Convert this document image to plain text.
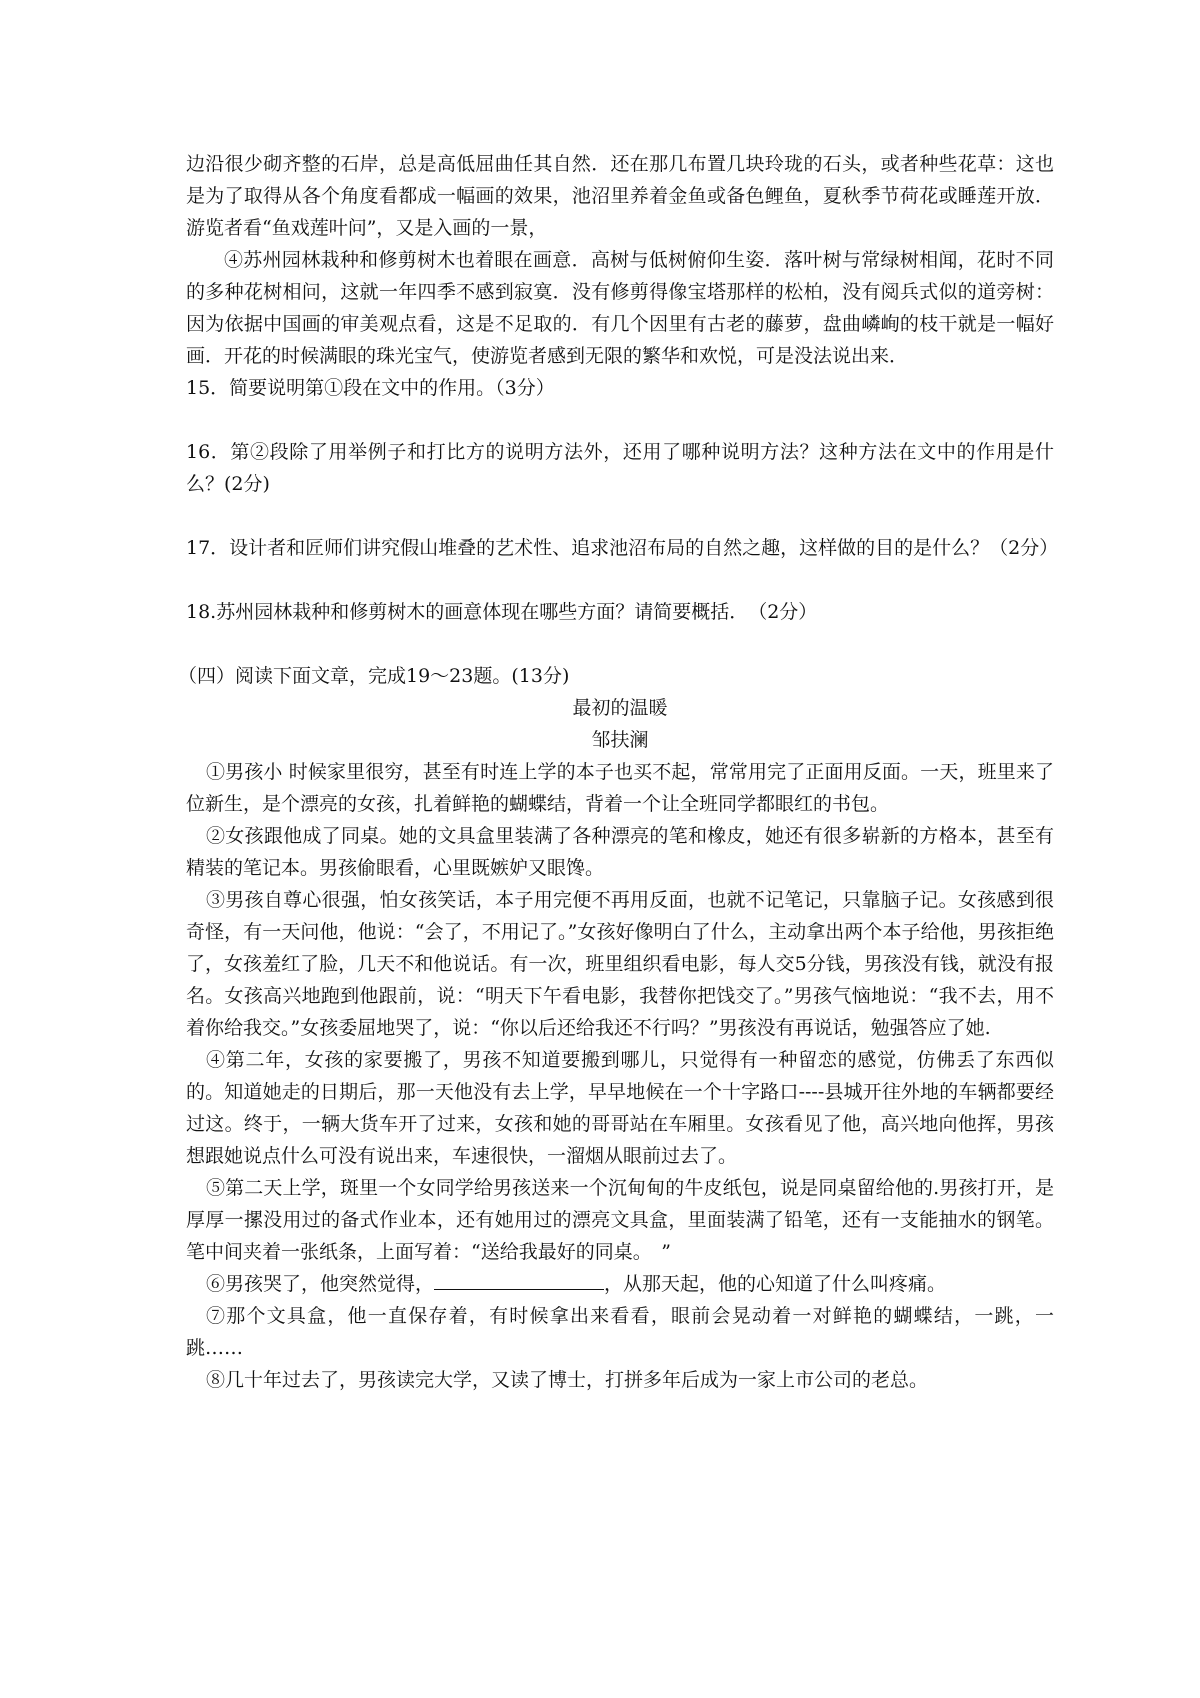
边沿很少砌齐整的石岸，总是高低屈曲任其自然．还在那几布置几块玲珑的石头，或者种些花草：这也是为了取得从各个角度看都成一幅画的效果，池沼里养着金鱼或备色鲤鱼，夏秋季节荷花或睡莲开放．游览者看“鱼戏莲叶问”，又是入画的一景，

④苏州园林栽种和修剪树木也着眼在画意．高树与低树俯仰生姿．落叶树与常绿树相闻，花时不同的多种花树相问，这就一年四季不感到寂寞．没有修剪得像宝塔那样的松柏，没有阅兵式似的道旁树：因为依据中国画的审美观点看，这是不足取的．有几个因里有古老的藤萝，盘曲嶙峋的枝干就是一幅好画．开花的时候满眼的珠光宝气，使游览者感到无限的繁华和欢悦，可是没法说出来．

15．简要说明第①段在文中的作用。（3分）

16．第②段除了用举例子和打比方的说明方法外，还用了哪种说明方法？这种方法在文中的作用是什么？(2分)

17．设计者和匠师们讲究假山堆叠的艺术性、追求池沼布局的自然之趣，这样做的目的是什么？（2分）

18.苏州园林栽种和修剪树木的画意体现在哪些方面？请简要概括．　（2分）

（四）阅读下面文章，完成19～23题。(13分)

最初的温暖

邹扶澜

①男孩小 时候家里很穷，甚至有时连上学的本子也买不起，常常用完了正面用反面。一天，班里来了位新生，是个漂亮的女孩，扎着鲜艳的蝴蝶结，背着一个让全班同学都眼红的书包。

②女孩跟他成了同桌。她的文具盒里装满了各种漂亮的笔和橡皮，她还有很多崭新的方格本，甚至有精装的笔记本。男孩偷眼看，心里既嫉妒又眼馋。

③男孩自尊心很强，怕女孩笑话，本子用完便不再用反面，也就不记笔记，只靠脑子记。女孩感到很奇怪，有一天问他，他说：“会了，不用记了。”女孩好像明白了什么，主动拿出两个本子给他，男孩拒绝了，女孩羞红了脸，几天不和他说话。有一次，班里组织看电影，每人交5分钱，男孩没有钱，就没有报名。女孩高兴地跑到他跟前，说：“明天下午看电影，我替你把饯交了。”男孩气恼地说：“我不去，用不着你给我交。”女孩委屈地哭了，说：“你以后还给我还不行吗？”男孩没有再说话，勉强答应了她.

④第二年，女孩的家要搬了，男孩不知道要搬到哪儿，只觉得有一种留恋的感觉，仿佛丢了东西似的。知道她走的日期后，那一天他没有去上学，早早地候在一个十字路口----县城开往外地的车辆都要经过这。终于，一辆大货车开了过来，女孩和她的哥哥站在车厢里。女孩看见了他，高兴地向他挥，男孩想跟她说点什么可没有说出来，车速很快，一溜烟从眼前过去了。

⑤第二天上学，斑里一个女同学给男孩送来一个沉甸甸的牛皮纸包，说是同桌留给他的.男孩打开，是厚厚一摞没用过的备式作业本，还有她用过的漂亮文具盒，里面装满了铅笔，还有一支能抽水的钢笔。笔中间夹着一张纸条，上面写着：“送给我最好的同桌。　”

⑥男孩哭了，他突然觉得，	，从那天起，他的心知道了什么叫疼痛。

⑦那个文具盒，他一直保存着，有时候拿出来看看，眼前会晃动着一对鲜艳的蝴蝶结，一跳，一跳……

⑧几十年过去了，男孩读完大学，又读了博士，打拼多年后成为一家上市公司的老总。
